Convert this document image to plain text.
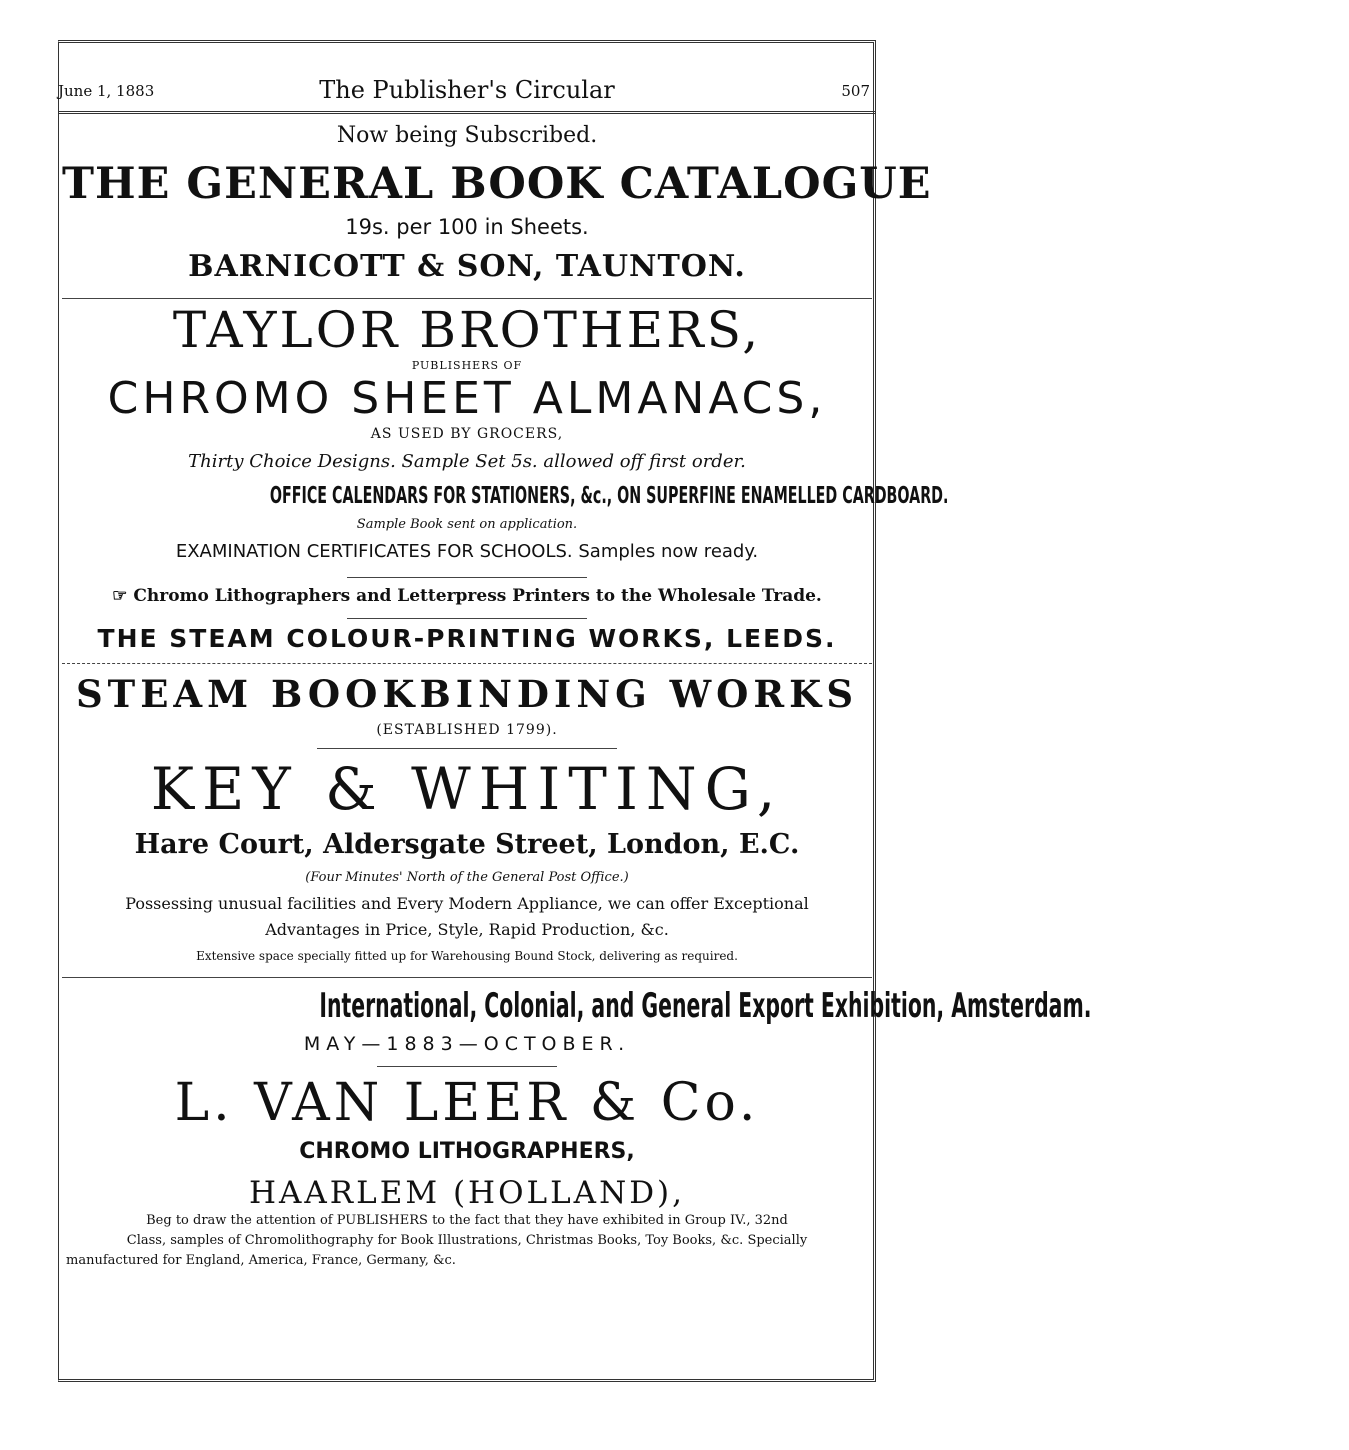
June 1, 1883	The Publisher's Circular	507

Now being Subscribed.

THE GENERAL BOOK CATALOGUE

19s. per 100 in Sheets.

BARNICOTT & SON, TAUNTON.

TAYLOR BROTHERS,

PUBLISHERS OF

CHROMO SHEET ALMANACS,

AS USED BY GROCERS,

Thirty Choice Designs. Sample Set 5s. allowed off first order.

OFFICE CALENDARS FOR STATIONERS, &c., ON SUPERFINE ENAMELLED CARDBOARD.

Sample Book sent on application.

EXAMINATION CERTIFICATES FOR SCHOOLS. Samples now ready.

☞ Chromo Lithographers and Letterpress Printers to the Wholesale Trade.

THE STEAM COLOUR-PRINTING WORKS, LEEDS.

STEAM BOOKBINDING WORKS

(ESTABLISHED 1799).

KEY & WHITING,

Hare Court, Aldersgate Street, London, E.C.

(Four Minutes' North of the General Post Office.)

Possessing unusual facilities and Every Modern Appliance, we can offer Exceptional

Advantages in Price, Style, Rapid Production, &c.

Extensive space specially fitted up for Warehousing Bound Stock, delivering as required.

International, Colonial, and General Export Exhibition, Amsterdam.

MAY—1883—OCTOBER.

L. VAN LEER & Co.

CHROMO LITHOGRAPHERS,

HAARLEM (HOLLAND),

Beg to draw the attention of PUBLISHERS to the fact that they have exhibited in Group IV., 32nd

Class, samples of Chromolithography for Book Illustrations, Christmas Books, Toy Books, &c. Specially

manufactured for England, America, France, Germany, &c.
